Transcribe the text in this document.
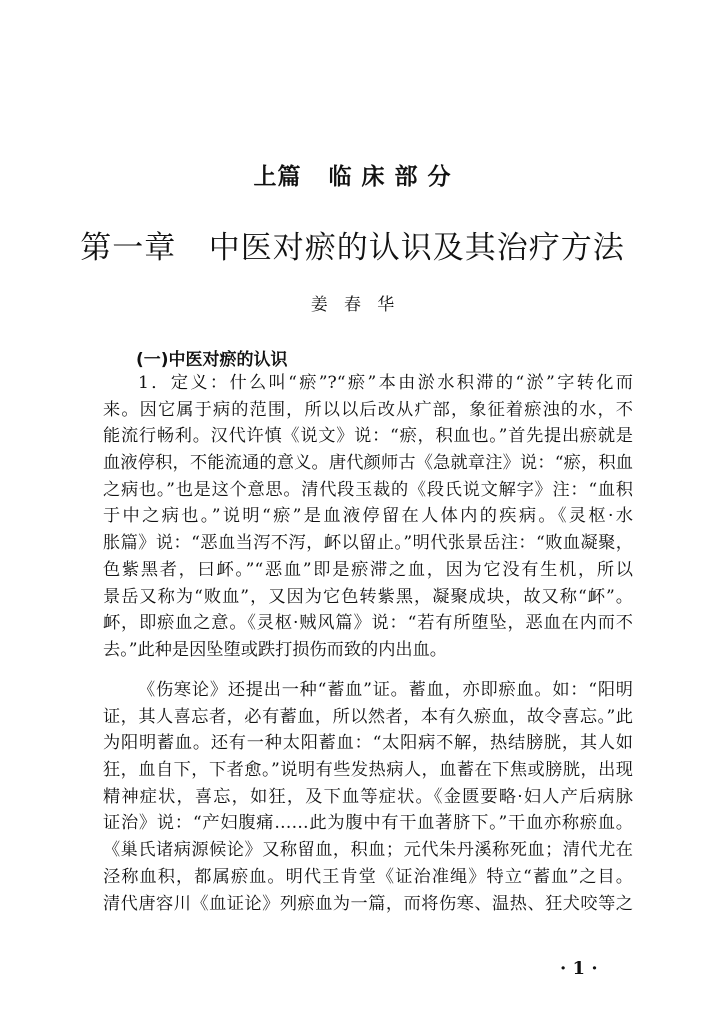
上篇   临 床 部 分
第一章   中医对瘀的认识及其治疗方法
姜   春   华
(一)中医对瘀的认识
1．定义：什么叫“瘀”?“瘀”本由淤水积滞的“淤”字转化而
来。因它属于病的范围，所以以后改从疒部，象征着瘀浊的水，不
能流行畅利。汉代许慎《说文》说：“瘀，积血也。”首先提出瘀就是
血液停积，不能流通的意义。唐代颜师古《急就章注》说：“瘀，积血
之病也。”也是这个意思。清代段玉裁的《段氏说文解字》注：“血积
于中之病也。”说明“瘀”是血液停留在人体内的疾病。《灵枢·水
胀篇》说：“恶血当泻不泻，衃以留止。”明代张景岳注：“败血凝聚，
色紫黑者，曰衃。”“恶血”即是瘀滞之血，因为它没有生机，所以
景岳又称为“败血”，又因为它色转紫黑，凝聚成块，故又称“衃”。
衃，即瘀血之意。《灵枢·贼风篇》说：“若有所堕坠，恶血在内而不
去。”此种是因坠堕或跌打损伤而致的内出血。
《伤寒论》还提出一种“蓄血”证。蓄血，亦即瘀血。如：“阳明
证，其人喜忘者，必有蓄血，所以然者，本有久瘀血，故令喜忘。”此
为阳明蓄血。还有一种太阳蓄血：“太阳病不解，热结膀胱，其人如
狂，血自下，下者愈。”说明有些发热病人，血蓄在下焦或膀胱，出现
精神症状，喜忘，如狂，及下血等症状。《金匮要略·妇人产后病脉
证治》说：“产妇腹痛……此为腹中有干血著脐下。”干血亦称瘀血。
《巢氏诸病源候论》又称留血，积血；元代朱丹溪称死血；清代尤在
泾称血积，都属瘀血。明代王肯堂《证治准绳》特立“蓄血”之目。
清代唐容川《血证论》列瘀血为一篇，而将伤寒、温热、狂犬咬等之
· 1 ·
